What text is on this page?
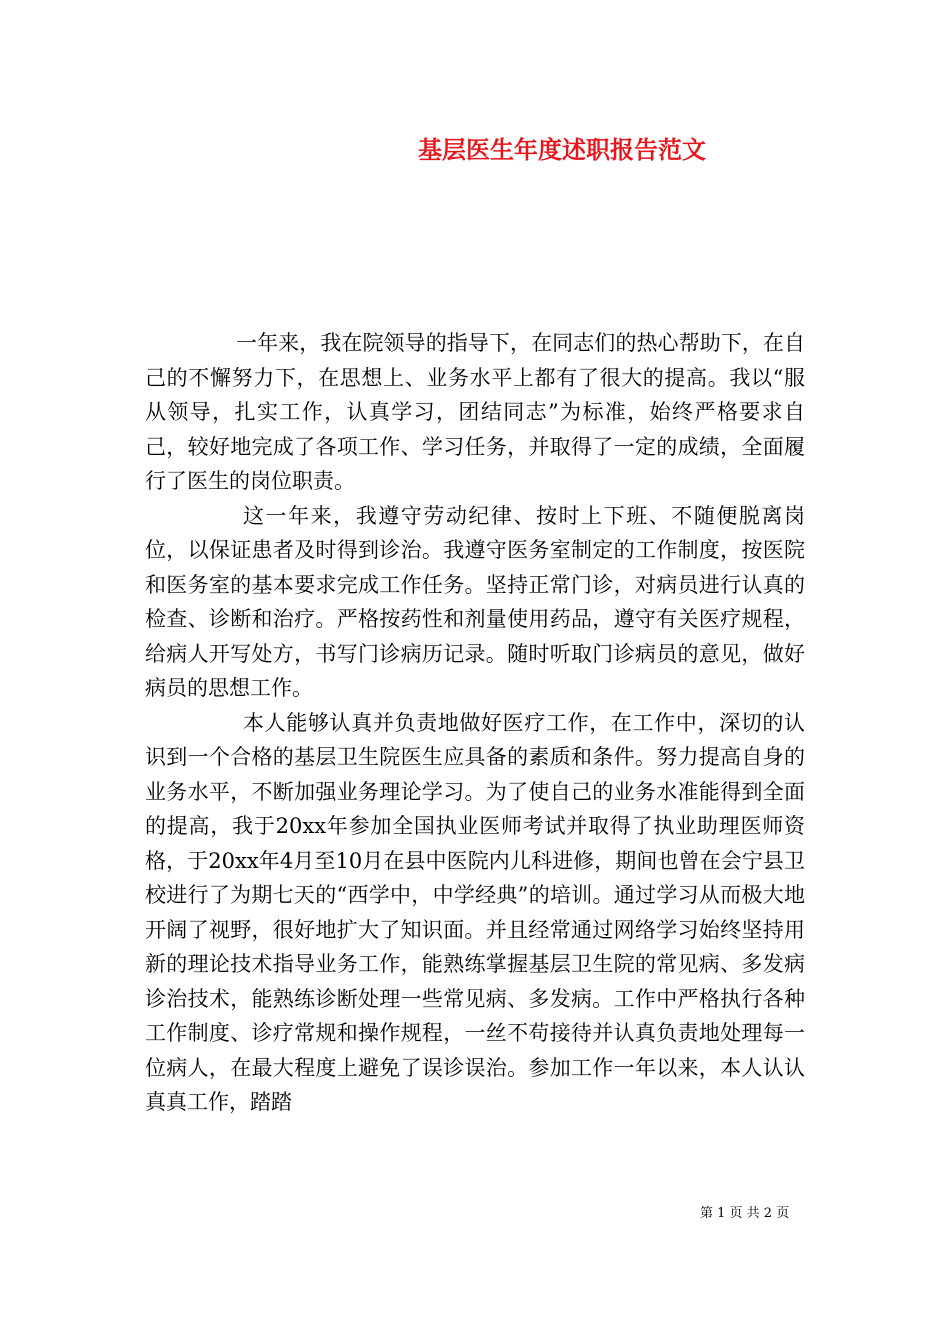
基层医生年度述职报告范文

一年来，我在院领导的指导下，在同志们的热心帮助下，在自己的不懈努力下，在思想上、业务水平上都有了很大的提高。我以“服从领导，扎实工作，认真学习，团结同志”为标准，始终严格要求自己，较好地完成了各项工作、学习任务，并取得了一定的成绩，全面履行了医生的岗位职责。

这一年来，我遵守劳动纪律、按时上下班、不随便脱离岗位，以保证患者及时得到诊治。我遵守医务室制定的工作制度，按医院和医务室的基本要求完成工作任务。坚持正常门诊，对病员进行认真的检查、诊断和治疗。严格按药性和剂量使用药品，遵守有关医疗规程，给病人开写处方，书写门诊病历记录。随时听取门诊病员的意见，做好病员的思想工作。

本人能够认真并负责地做好医疗工作，在工作中，深切的认识到一个合格的基层卫生院医生应具备的素质和条件。努力提高自身的业务水平，不断加强业务理论学习。为了使自己的业务水准能得到全面的提高，我于20xx年参加全国执业医师考试并取得了执业助理医师资格，于20xx年4月至10月在县中医院内儿科进修，期间也曾在会宁县卫校进行了为期七天的“西学中，中学经典”的培训。通过学习从而极大地开阔了视野，很好地扩大了知识面。并且经常通过网络学习始终坚持用新的理论技术指导业务工作，能熟练掌握基层卫生院的常见病、多发病诊治技术，能熟练诊断处理一些常见病、多发病。工作中严格执行各种工作制度、诊疗常规和操作规程，一丝不苟接待并认真负责地处理每一位病人，在最大程度上避免了误诊误治。参加工作一年以来，本人认认真真工作，踏踏

第 1 页 共 2 页
